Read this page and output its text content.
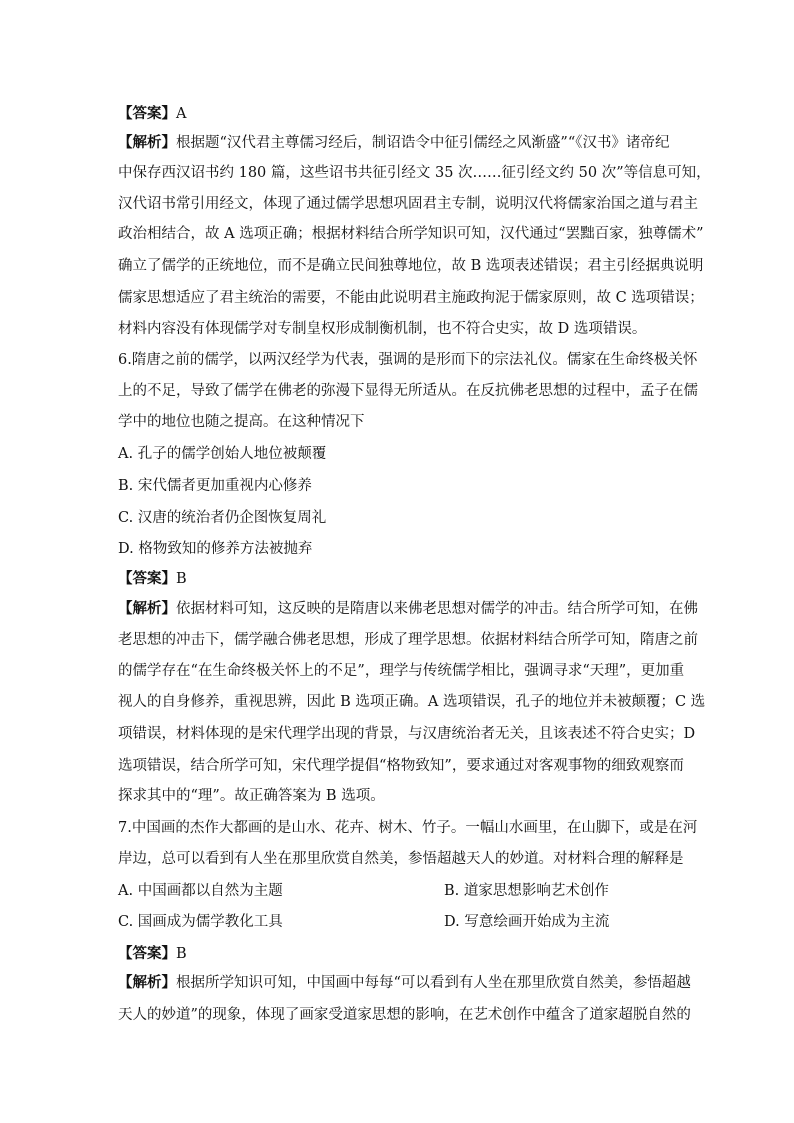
【答案】A
【解析】根据题“汉代君主尊儒习经后，制诏诰令中征引儒经之风渐盛”“《汉书》诸帝纪
中保存西汉诏书约 180 篇，这些诏书共征引经文 35 次……征引经文约 50 次”等信息可知，
汉代诏书常引用经文，体现了通过儒学思想巩固君主专制，说明汉代将儒家治国之道与君主
政治相结合，故 A 选项正确；根据材料结合所学知识可知，汉代通过“罢黜百家，独尊儒术”
确立了儒学的正统地位，而不是确立民间独尊地位，故 B 选项表述错误；君主引经据典说明
儒家思想适应了君主统治的需要，不能由此说明君主施政拘泥于儒家原则，故 C 选项错误；
材料内容没有体现儒学对专制皇权形成制衡机制，也不符合史实，故 D 选项错误。
6.隋唐之前的儒学，以两汉经学为代表，强调的是形而下的宗法礼仪。儒家在生命终极关怀
上的不足，导致了儒学在佛老的弥漫下显得无所适从。在反抗佛老思想的过程中，孟子在儒
学中的地位也随之提高。在这种情况下
A. 孔子的儒学创始人地位被颠覆
B. 宋代儒者更加重视内心修养
C. 汉唐的统治者仍企图恢复周礼
D. 格物致知的修养方法被抛弃
【答案】B
【解析】依据材料可知，这反映的是隋唐以来佛老思想对儒学的冲击。结合所学可知，在佛
老思想的冲击下，儒学融合佛老思想，形成了理学思想。依据材料结合所学可知，隋唐之前
的儒学存在“在生命终极关怀上的不足”，理学与传统儒学相比，强调寻求“天理”，更加重
视人的自身修养，重视思辨，因此 B 选项正确。A 选项错误，孔子的地位并未被颠覆；C 选
项错误，材料体现的是宋代理学出现的背景，与汉唐统治者无关，且该表述不符合史实；D
选项错误，结合所学可知，宋代理学提倡“格物致知”，要求通过对客观事物的细致观察而
探求其中的“理”。故正确答案为 B 选项。
7.中国画的杰作大都画的是山水、花卉、树木、竹子。一幅山水画里，在山脚下，或是在河
岸边，总可以看到有人坐在那里欣赏自然美，参悟超越天人的妙道。对材料合理的解释是
A. 中国画都以自然为主题	B. 道家思想影响艺术创作
C. 国画成为儒学教化工具	D. 写意绘画开始成为主流
【答案】B
【解析】根据所学知识可知，中国画中每每“可以看到有人坐在那里欣赏自然美，参悟超越
天人的妙道”的现象，体现了画家受道家思想的影响，在艺术创作中蕴含了道家超脱自然的
